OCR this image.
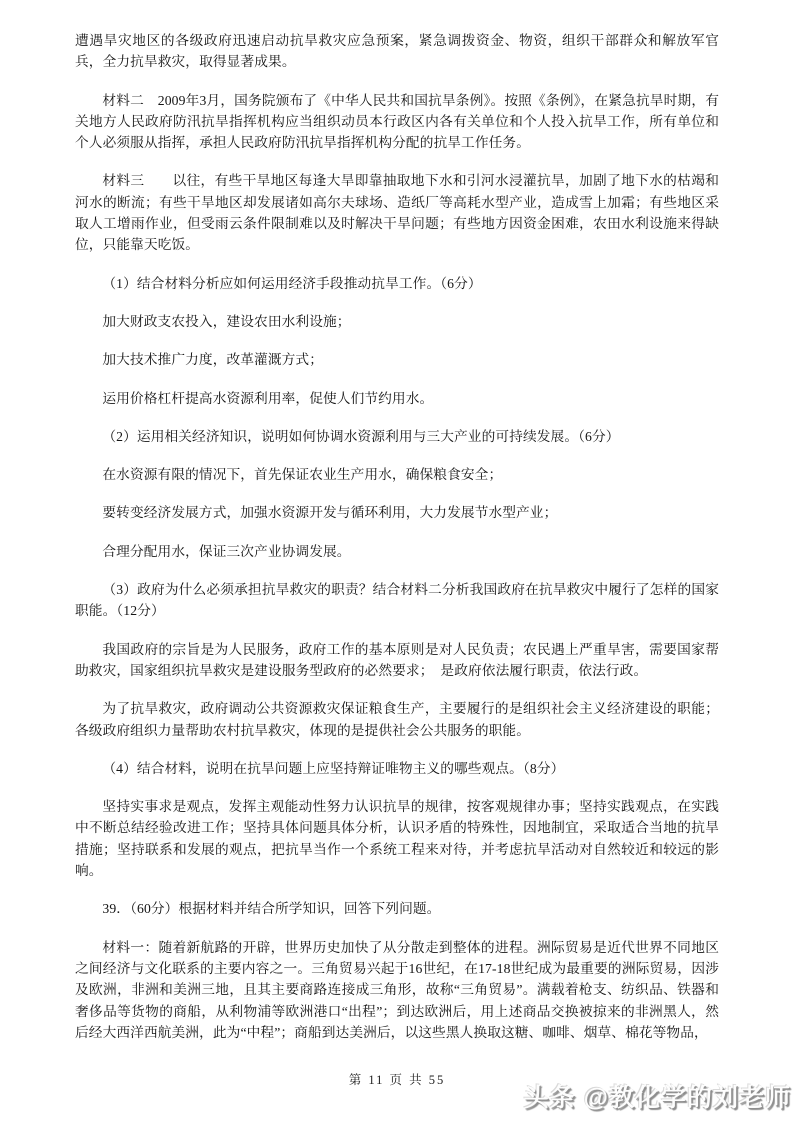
遭遇旱灾地区的各级政府迅速启动抗旱救灾应急预案，紧急调拨资金、物资，组织干部群众和解放军官兵，全力抗旱救灾，取得显著成果。

材料二　2009年3月，国务院颁布了《中华人民共和国抗旱条例》。按照《条例》，在紧急抗旱时期，有关地方人民政府防汛抗旱指挥机构应当组织动员本行政区内各有关单位和个人投入抗旱工作，所有单位和个人必须服从指挥，承担人民政府防汛抗旱指挥机构分配的抗旱工作任务。

材料三　　以往，有些干旱地区每逢大旱即靠抽取地下水和引河水浸灌抗旱，加剧了地下水的枯竭和河水的断流；有些干旱地区却发展诸如高尔夫球场、造纸厂等高耗水型产业，造成雪上加霜；有些地区采取人工增雨作业，但受雨云条件限制难以及时解决干旱问题；有些地方因资金困难，农田水利设施来得缺位，只能靠天吃饭。

（1）结合材料分析应如何运用经济手段推动抗旱工作。（6分）

加大财政支农投入，建设农田水利设施；

加大技术推广力度，改革灌溉方式；

运用价格杠杆提高水资源利用率，促使人们节约用水。

（2）运用相关经济知识，说明如何协调水资源利用与三大产业的可持续发展。（6分）

在水资源有限的情况下，首先保证农业生产用水，确保粮食安全；

要转变经济发展方式，加强水资源开发与循环利用，大力发展节水型产业；

合理分配用水，保证三次产业协调发展。

（3）政府为什么必须承担抗旱救灾的职责？结合材料二分析我国政府在抗旱救灾中履行了怎样的国家职能。（12分）

我国政府的宗旨是为人民服务，政府工作的基本原则是对人民负责；农民遇上严重旱害，需要国家帮助救灾，国家组织抗旱救灾是建设服务型政府的必然要求；　是政府依法履行职责，依法行政。

为了抗旱救灾，政府调动公共资源救灾保证粮食生产，主要履行的是组织社会主义经济建设的职能；各级政府组织力量帮助农村抗旱救灾，体现的是提供社会公共服务的职能。

（4）结合材料，说明在抗旱问题上应坚持辩证唯物主义的哪些观点。（8分）

坚持实事求是观点，发挥主观能动性努力认识抗旱的规律，按客观规律办事；坚持实践观点，在实践中不断总结经验改进工作；坚持具体问题具体分析，认识矛盾的特殊性，因地制宜，采取适合当地的抗旱措施；坚持联系和发展的观点，把抗旱当作一个系统工程来对待，并考虑抗旱活动对自然较近和较远的影响。

39．（60分）根据材料并结合所学知识，回答下列问题。

材料一：随着新航路的开辟，世界历史加快了从分散走到整体的进程。洲际贸易是近代世界不同地区之间经济与文化联系的主要内容之一。三角贸易兴起于16世纪，在17-18世纪成为最重要的洲际贸易，因涉及欧洲，非洲和美洲三地，且其主要商路连接成三角形，故称“三角贸易”。满载着枪支、纺织品、铁器和奢侈品等货物的商船，从利物浦等欧洲港口“出程”；到达欧洲后，用上述商品交换被掠来的非洲黑人，然后经大西洋西航美洲，此为“中程”；商船到达美洲后，以这些黑人换取这糖、咖啡、烟草、棉花等物品，

第 11 页 共 55
头条 @教化学的刘老师
